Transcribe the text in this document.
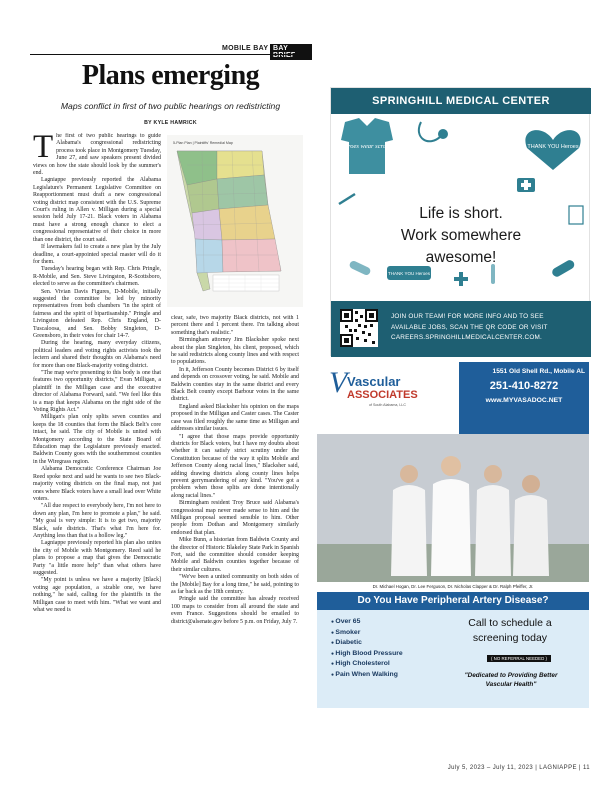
MOBILE BAY BAY BRIEF
Plans emerging
Maps conflict in first of two public hearings on redistricting
BY KYLE HAMRICK

The first of two public hearings to guide Alabama's congressional redistricting process took place in Montgomery Tuesday, June 27, and saw speakers present divided views on how the state should look by the summer's end.

Lagniappe previously reported the Alabama Legislature's Permanent Legislative Committee on Reapportionment must draft a new congressional voting district map consistent with the U.S. Supreme Court's ruling in Allen v. Milligan during a special session held July 17-21. Black voters in Alabama must have a strong enough chance to elect a congressional representative of their choice in more than one district, the court said.

If lawmakers fail to create a new plan by the July deadline, a court-appointed special master will do it for them.

Tuesday's hearing began with Rep. Chris Pringle, R-Mobile, and Sen. Steve Livingston, R-Scottsboro, elected to serve as the committee's chairmen.

Sen. Vivian Davis Figures, D-Mobile, initially suggested the committee be led by minority representatives from both chambers "in the spirit of fairness and the spirit of bipartisanship." Pringle and Livingston defeated Rep. Chris England, D-Tuscaloosa, and Sen. Bobby Singleton, D-Greensboro, in their votes for chair 14-7.

During the hearing, many everyday citizens, political leaders and voting rights activists took the lectern and shared their thoughts on Alabama's need for more than one Black-majority voting district.

"The map we're presenting to this body is one that features two opportunity districts," Evan Milligan, a plaintiff in the Milligan case and the executive director of Alabama Forward, said. "We feel like this is a map that keeps Alabama on the right side of the Voting Rights Act."

Milligan's plan only splits seven counties and keeps the 18 counties that form the Black Belt's core intact, he said. The city of Mobile is united with Montgomery according to the State Board of Education map the Legislature previously enacted. Baldwin County goes with the southernmost counties in the Wiregrass region.

Alabama Democratic Conference Chairman Joe Reed spoke next and said he wants to see two Black-majority voting districts on the final map, not just ones where Black voters have a small lead over White voters.

"All due respect to everybody here, I'm not here to down any plan, I'm here to promote a plan," he said. "My goal is very simple: It is to get two, majority Black, safe districts. That's what I'm here for. Anything less than that is a hollow leg."

Lagniappe previously reported his plan also unites the city of Mobile with Montgomery. Reed said he plans to propose a map that gives the Democratic Party "a little more help" than what others have suggested.

"My point is unless we have a majority [Black] voting age population, a sizable one, we have nothing," he said, calling for the plaintiffs in the Milligan case to meet with him. "What we want and what we need is

5-Plan Plan | Plaintiffs' Remedial Map

clear, safe, two majority Black districts, not with 1 percent there and 1 percent there. I'm talking about something that's realistic."

Birmingham attorney Jim Blacksher spoke next about the plan Singleton, his client, proposed, which he said redistricts along county lines and with respect to populations.

In it, Jefferson County becomes District 6 by itself and depends on crossover voting, he said. Mobile and Baldwin counties stay in the same district and every Black Belt county except Barbour votes in the same district.

England asked Blacksher his opinion on the maps proposed in the Milligan and Caster cases. The Caster case was filed roughly the same time as Milligan and addresses similar issues.

"I agree that those maps provide opportunity districts for Black voters, but I have my doubts about whether it can satisfy strict scrutiny under the Constitution because of the way it splits Mobile and Jefferson County along racial lines," Blacksher said, adding drawing districts along county lines helps prevent gerrymandering of any kind. "You've got a problem when those splits are done intentionally along racial lines."

Birmingham resident Troy Bruce said Alabama's congressional map never made sense to him and the Milligan proposal seemed sensible to him. Other people from Dothan and Montgomery similarly endorsed that plan.

Mike Bunn, a historian from Baldwin County and the director of Historic Blakeley State Park in Spanish Fort, said the committee should consider keeping Mobile and Baldwin counties together because of their similar cultures.

"We've been a united community on both sides of the [Mobile] Bay for a long time," he said, pointing to as far back as the 18th century.

Pringle said the committee has already received 100 maps to consider from all around the state and even France. Suggestions should be emailed to district@alsenate.gov before 5 p.m. on Friday, July 7.

SPRINGHILL MEDICAL CENTER
heroes wear scrubs	THANK YOU Heroes
THANK YOU Heroes
Life is short.
Work somewhere
awesome!
JOIN OUR TEAM! FOR MORE INFO AND TO SEE
AVAILABLE JOBS, SCAN THE QR CODE OR VISIT
CAREERS.SPRINGHILLMEDICALCENTER.COM.
V Vascular
ASSOCIATES
of South Alabama, LLC
1551 Old Shell Rd., Mobile AL
251-410-8272
www.MYVASADOC.NET
Dr. Michael Hogan, Dr. Lee Ferguson, Dr. Nicholas Clapper & Dr. Ralph Pfeiffer, Jr.
Do You Have Peripheral Artery Disease?
● Over 65
● Smoker
● Diabetic
● High Blood Pressure
● High Cholesterol
● Pain When Walking
Call to schedule a
screening today
( NO REFERRAL NEEDED )
"Dedicated to Providing Better
Vascular Health"
July 5, 2023 – July 11, 2023 | LAGNIAPPE | 11
